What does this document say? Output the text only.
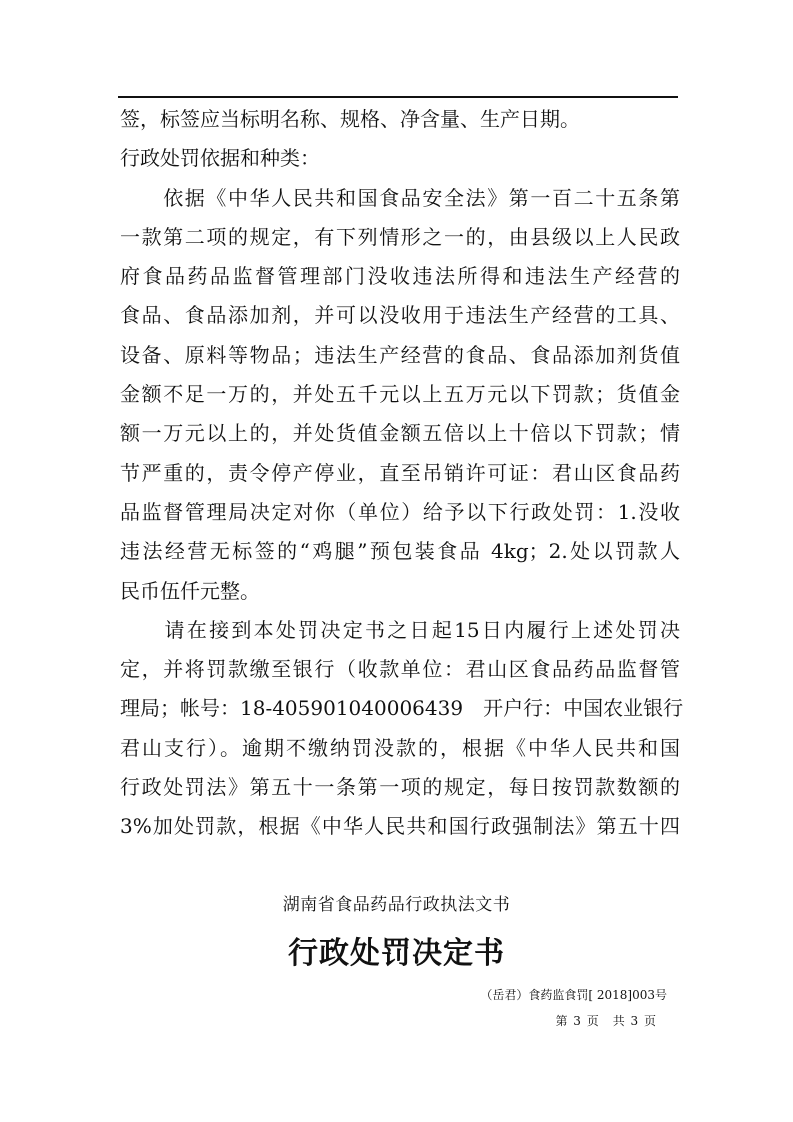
签，标签应当标明名称、规格、净含量、生产日期。
行政处罚依据和种类：
　　依据《中华人民共和国食品安全法》第一百二十五条第
一款第二项的规定，有下列情形之一的，由县级以上人民政
府食品药品监督管理部门没收违法所得和违法生产经营的
食品、食品添加剂，并可以没收用于违法生产经营的工具、
设备、原料等物品；违法生产经营的食品、食品添加剂货值
金额不足一万的，并处五千元以上五万元以下罚款；货值金
额一万元以上的，并处货值金额五倍以上十倍以下罚款；情
节严重的，责令停产停业，直至吊销许可证：君山区食品药
品监督管理局决定对你（单位）给予以下行政处罚：1.没收
违法经营无标签的“鸡腿”预包装食品 4kg；2.处以罚款人
民币伍仟元整。
　　请在接到本处罚决定书之日起15日内履行上述处罚决
定，并将罚款缴至银行（收款单位：君山区食品药品监督管
理局；帐号：18-405901040006439　开户行：中国农业银行
君山支行）。逾期不缴纳罚没款的，根据《中华人民共和国
行政处罚法》第五十一条第一项的规定，每日按罚款数额的
3%加处罚款，根据《中华人民共和国行政强制法》第五十四
湖南省食品药品行政执法文书
行政处罚决定书
（岳君）食药监食罚[ 2018]003号
第 3 页　共 3 页
